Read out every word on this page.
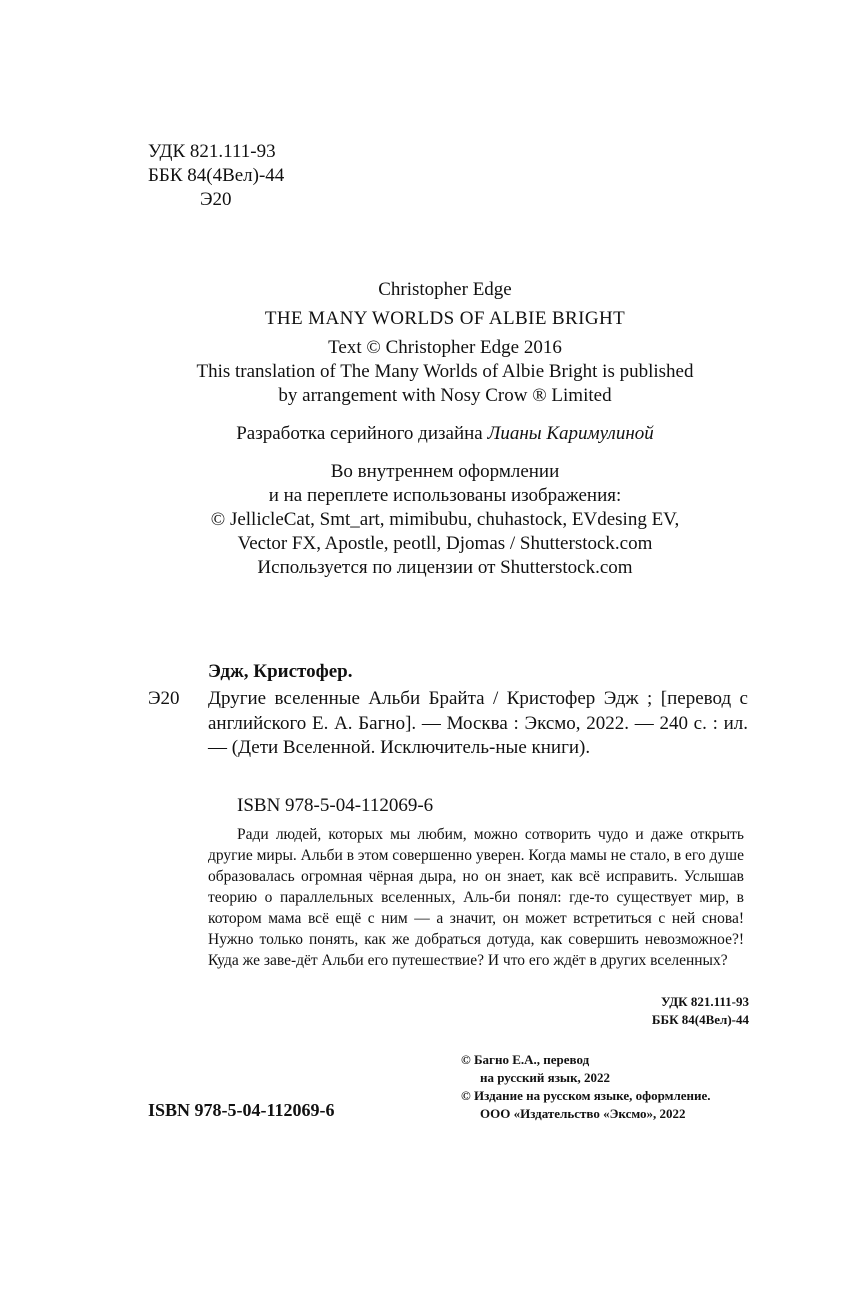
УДК 821.111-93
ББК 84(4Вел)-44
Э20
Christopher Edge
THE MANY WORLDS OF ALBIE BRIGHT
Text © Christopher Edge 2016
This translation of The Many Worlds of Albie Bright is published
by arrangement with Nosy Crow ® Limited
Разработка серийного дизайна Лианы Каримулиной
Во внутреннем оформлении
и на переплете использованы изображения:
© JellicleCat, Smt_art, mimibubu, chuhastock, EVdesing EV,
Vector FX, Apostle, peotll, Djomas / Shutterstock.com
Используется по лицензии от Shutterstock.com
Эдж, Кристофер.
Э20 Другие вселенные Альби Брайта / Кристофер Эдж ; [перевод с английского Е. А. Багно]. — Москва : Эксмо, 2022. — 240 с. : ил. — (Дети Вселенной. Исключитель-ные книги).
ISBN 978-5-04-112069-6
Ради людей, которых мы любим, можно сотворить чудо и даже открыть другие миры. Альби в этом совершенно уверен. Когда мамы не стало, в его душе образовалась огромная чёрная дыра, но он знает, как всё исправить. Услышав теорию о параллельных вселенных, Аль-би понял: где-то существует мир, в котором мама всё ещё с ним — а значит, он может встретиться с ней снова! Нужно только понять, как же добраться дотуда, как совершить невозможное?! Куда же заве-дёт Альби его путешествие? И что его ждёт в других вселенных?
УДК 821.111-93
ББК 84(4Вел)-44
© Багно Е.А., перевод
на русский язык, 2022
© Издание на русском языке, оформление.
ООО «Издательство «Эксмо», 2022
ISBN 978-5-04-112069-6
